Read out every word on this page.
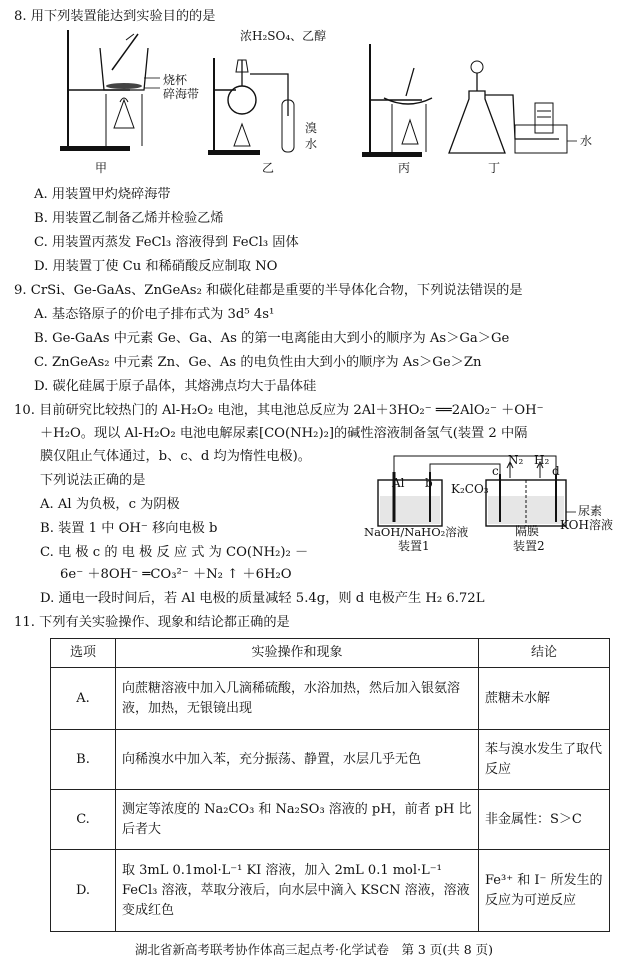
8. 用下列装置能达到实验目的的是
烧杯
碎海带
甲
浓H₂SO₄、乙醇
溴
水
乙	丙
水
丁
A. 用装置甲灼烧碎海带
B. 用装置乙制备乙烯并检验乙烯
C. 用装置丙蒸发 FeCl₃ 溶液得到 FeCl₃ 固体
D. 用装置丁使 Cu 和稀硝酸反应制取 NO
9. CrSi、Ge-GaAs、ZnGeAs₂ 和碳化硅都是重要的半导体化合物，下列说法错误的是
A. 基态铬原子的价电子排布式为 3d⁵ 4s¹
B. Ge-GaAs 中元素 Ge、Ga、As 的第一电离能由大到小的顺序为 As＞Ga＞Ge
C. ZnGeAs₂ 中元素 Zn、Ge、As 的电负性由大到小的顺序为 As＞Ge＞Zn
D. 碳化硅属于原子晶体，其熔沸点均大于晶体硅
10. 目前研究比较热门的 Al-H₂O₂ 电池，其电池总反应为 2Al＋3HO₂⁻ ══2AlO₂⁻ ＋OH⁻
＋H₂O。现以 Al-H₂O₂ 电池电解尿素[CO(NH₂)₂]的碱性溶液制备氢气(装置 2 中隔
膜仅阻止气体通过，b、c、d 均为惰性电极)。
下列说法正确的是
A. Al 为负极，c 为阴极
B. 装置 1 中 OH⁻ 移向电极 b
C. 电 极 c 的 电 极 反 应 式 为 CO(NH₂)₂ －
6e⁻ ＋8OH⁻ ═CO₃²⁻ ＋N₂ ↑ ＋6H₂O
D. 通电一段时间后，若 Al 电极的质量减轻 5.4g，则 d 电极产生 H₂ 6.72L
Al b
c	d
N₂ H₂
K₂CO₃
NaOH/NaHO₂溶液
装置1
尿素
KOH溶液
隔膜
装置2
11. 下列有关实验操作、现象和结论都正确的是
选项	实验操作和现象	结论
A.	向蔗糖溶液中加入几滴稀硫酸，水浴加热，然后加入银氨溶液，加热，无银镜出现	蔗糖未水解
B.	向稀溴水中加入苯，充分振荡、静置，水层几乎无色	苯与溴水发生了取代反应
C.	测定等浓度的 Na₂CO₃ 和 Na₂SO₃ 溶液的 pH，前者 pH 比后者大	非金属性：S＞C
D.	取 3mL 0.1mol·L⁻¹ KI 溶液，加入 2mL 0.1 mol·L⁻¹ FeCl₃ 溶液，萃取分液后，向水层中滴入 KSCN 溶液，溶液变成红色	Fe³⁺ 和 I⁻ 所发生的反应为可逆反应
湖北省新高考联考协作体高三起点考·化学试卷　第 3 页(共 8 页)
